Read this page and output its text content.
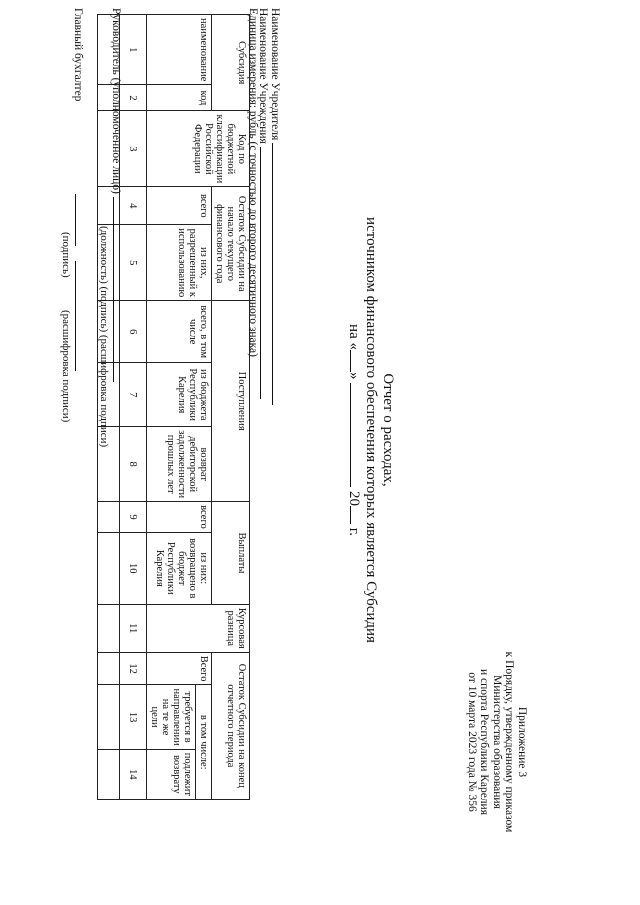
Приложение 3
к Порядку, утвержденному приказом
Министерства образования
и спорта Республики Карелия
от 10 марта 2023 года № 356
Отчет о расходах,
источником финансового обеспечения которых является Субсидия
на «»  20 г.
Наименование Учредителя
Наименование Учреждения
Единица измерения: рубль (с точностью до второго десятичного знака)
Субсидия		Код по бюджетной классификации Российской Федерации	Остаток Субсидии на начало текущего финансового года		Поступления			Выплаты		Курсовая разница	Остаток Субсидии на конец отчетного периода		
наименование	код		всего	из них, разрешенный к использованию	всего, в том числе	из бюджета Республики Карелия	возврат дебиторской задолженности прошлых лет	всего	из них: возвращено в бюджет Республики Карелия		Всего	в том числе:	
												требуется в направлении на те же цели	подлежит возврату
1	2	3	4	5	6	7	8	9	10	11	12	13	14

Руководитель (уполномоченное лицо)
(должность) (подпись) (расшифровка подписи)
Главный бухгалтер
(подпись)
(расшифровка подписи)
